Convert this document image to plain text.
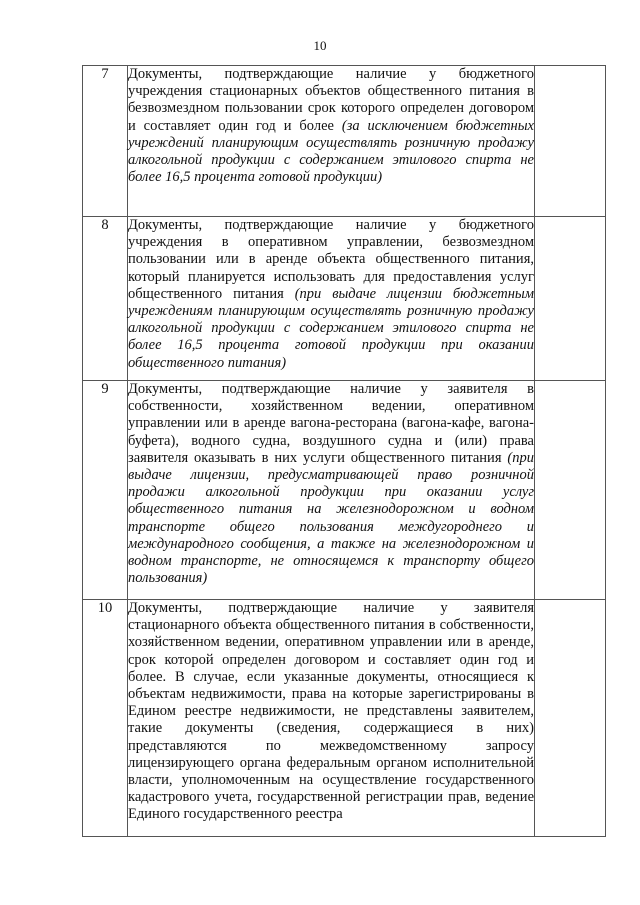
10
7	Документы, подтверждающие наличие у бюджетного учреждения стационарных объектов общественного питания в безвозмездном пользовании срок которого определен договором и составляет один год и более (за исключением бюджетных учреждений планирующим осуществлять розничную продажу алкогольной продукции с содержанием этилового спирта не более 16,5 процента готовой продукции)	

8	Документы, подтверждающие наличие у бюджетного учреждения в оперативном управлении, безвозмездном пользовании или в аренде объекта общественного питания, который планируется использовать для предоставления услуг общественного питания (при выдаче лицензии бюджетным учреждениям планирующим осуществлять розничную продажу алкогольной продукции с содержанием этилового спирта не более 16,5 процента готовой продукции при оказании общественного питания)	

9	Документы, подтверждающие наличие у заявителя в собственности, хозяйственном ведении, оперативном управлении или в аренде вагона-ресторана (вагона-кафе, вагона-буфета), водного судна, воздушного судна и (или) права заявителя оказывать в них услуги общественного питания (при выдаче лицензии, предусматривающей право розничной продажи алкогольной продукции при оказании услуг общественного питания на железнодорожном и водном транспорте общего пользования междугороднего и международного сообщения, а также на железнодорожном и водном транспорте, не относящемся к транспорту общего пользования)	

10	Документы, подтверждающие наличие у заявителя стационарного объекта общественного питания в собственности, хозяйственном ведении, оперативном управлении или в аренде, срок которой определен договором и составляет один год и более. В случае, если указанные документы, относящиеся к объектам недвижимости, права на которые зарегистрированы в Едином реестре недвижимости, не представлены заявителем, такие документы (сведения, содержащиеся в них) представляются по межведомственному запросу лицензирующего органа федеральным органом исполнительной власти, уполномоченным на осуществление государственного кадастрового учета, государственной регистрации прав, ведение Единого государственного реестра	
